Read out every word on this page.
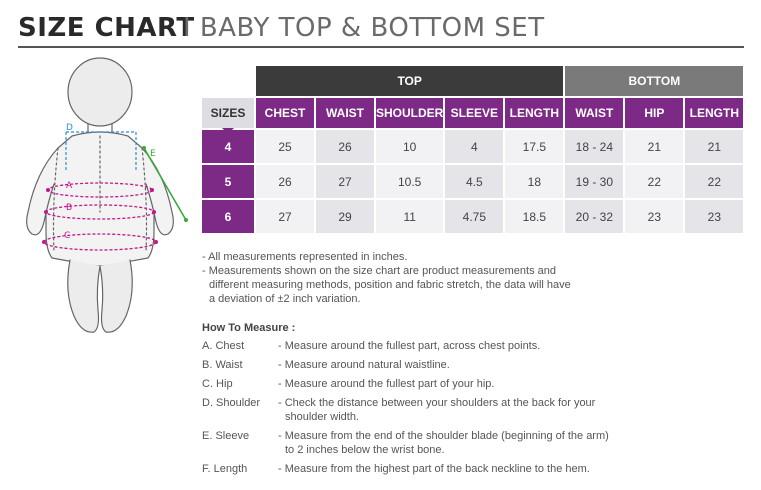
SIZE CHART
I BABY TOP & BOTTOM SET
D
E
A
B
C
	TOP					BOTTOM		
SIZES	CHEST	WAIST	SHOULDER	SLEEVE	LENGTH	WAIST	HIP	LENGTH
4	25	26	10	4	17.5	18 - 24	21	21
5	26	27	10.5	4.5	18	19 - 30	22	22
6	27	29	11	4.75	18.5	20 - 32	23	23

- All measurements represented in inches.

- Measurements shown on the size chart are product measurements and

different measuring methods, position and fabric stretch, the data will have

a deviation of ±2 inch variation.

How To Measure :
A. Chest	- Measure around the fullest part, across chest points.
B. Waist	- Measure around natural waistline.
C. Hip	- Measure around the fullest part of your hip.
D. Shoulder	- Check the distance between your shoulders at the back for your
shoulder width.
E. Sleeve	- Measure from the end of the shoulder blade (beginning of the arm)
to 2 inches below the wrist bone.
F. Length	- Measure from the highest part of the back neckline to the hem.
